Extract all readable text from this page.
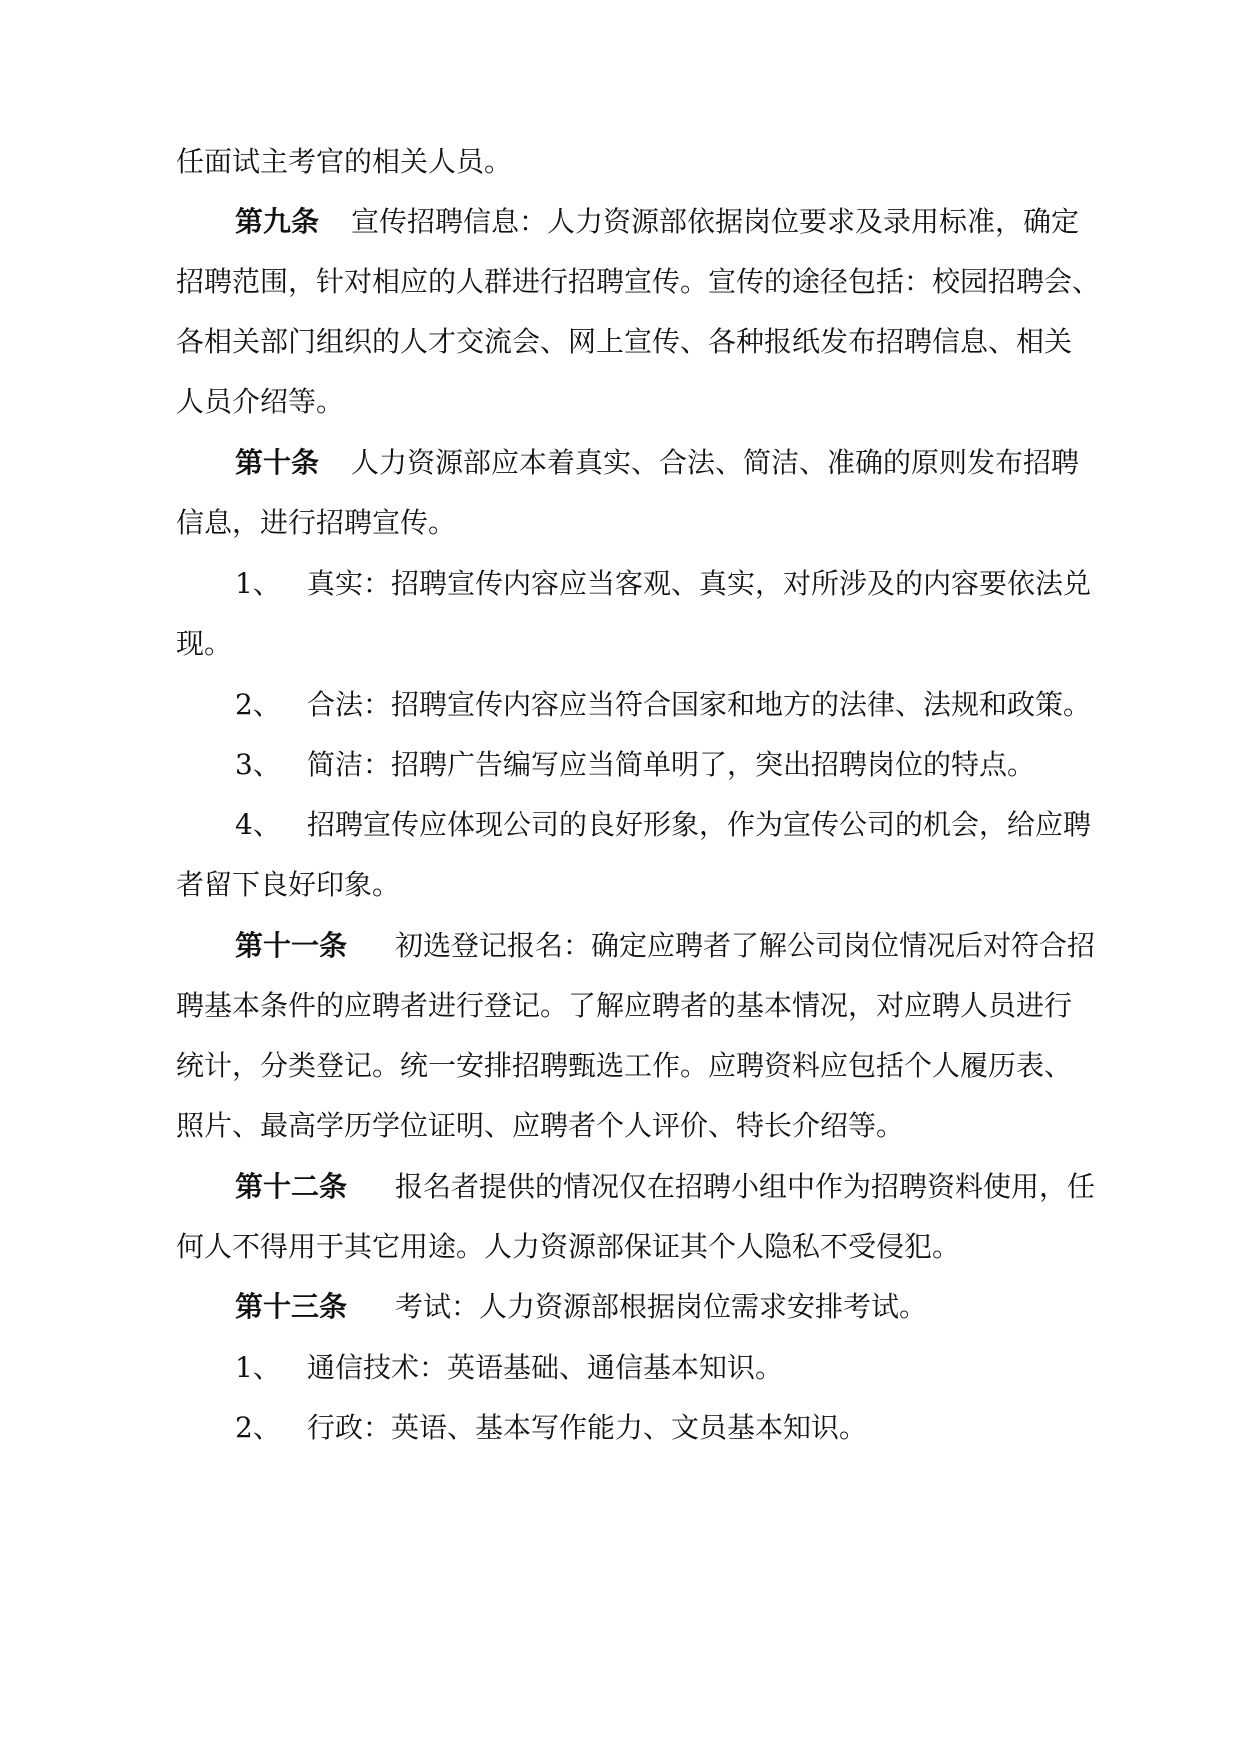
任面试主考官的相关人员。
第九条 宣传招聘信息：人力资源部依据岗位要求及录用标准，确定
招聘范围，针对相应的人群进行招聘宣传。宣传的途径包括：校园招聘会、
各相关部门组织的人才交流会、网上宣传、各种报纸发布招聘信息、相关
人员介绍等。
第十条 人力资源部应本着真实、合法、简洁、准确的原则发布招聘
信息，进行招聘宣传。
1、 真实：招聘宣传内容应当客观、真实，对所涉及的内容要依法兑
现。
2、 合法：招聘宣传内容应当符合国家和地方的法律、法规和政策。
3、 简洁：招聘广告编写应当简单明了，突出招聘岗位的特点。
4、 招聘宣传应体现公司的良好形象，作为宣传公司的机会，给应聘
者留下良好印象。
第十一条 初选登记报名：确定应聘者了解公司岗位情况后对符合招
聘基本条件的应聘者进行登记。了解应聘者的基本情况，对应聘人员进行
统计，分类登记。统一安排招聘甄选工作。应聘资料应包括个人履历表、
照片、最高学历学位证明、应聘者个人评价、特长介绍等。
第十二条 报名者提供的情况仅在招聘小组中作为招聘资料使用，任
何人不得用于其它用途。人力资源部保证其个人隐私不受侵犯。
第十三条 考试：人力资源部根据岗位需求安排考试。
1、 通信技术：英语基础、通信基本知识。
2、 行政：英语、基本写作能力、文员基本知识。
